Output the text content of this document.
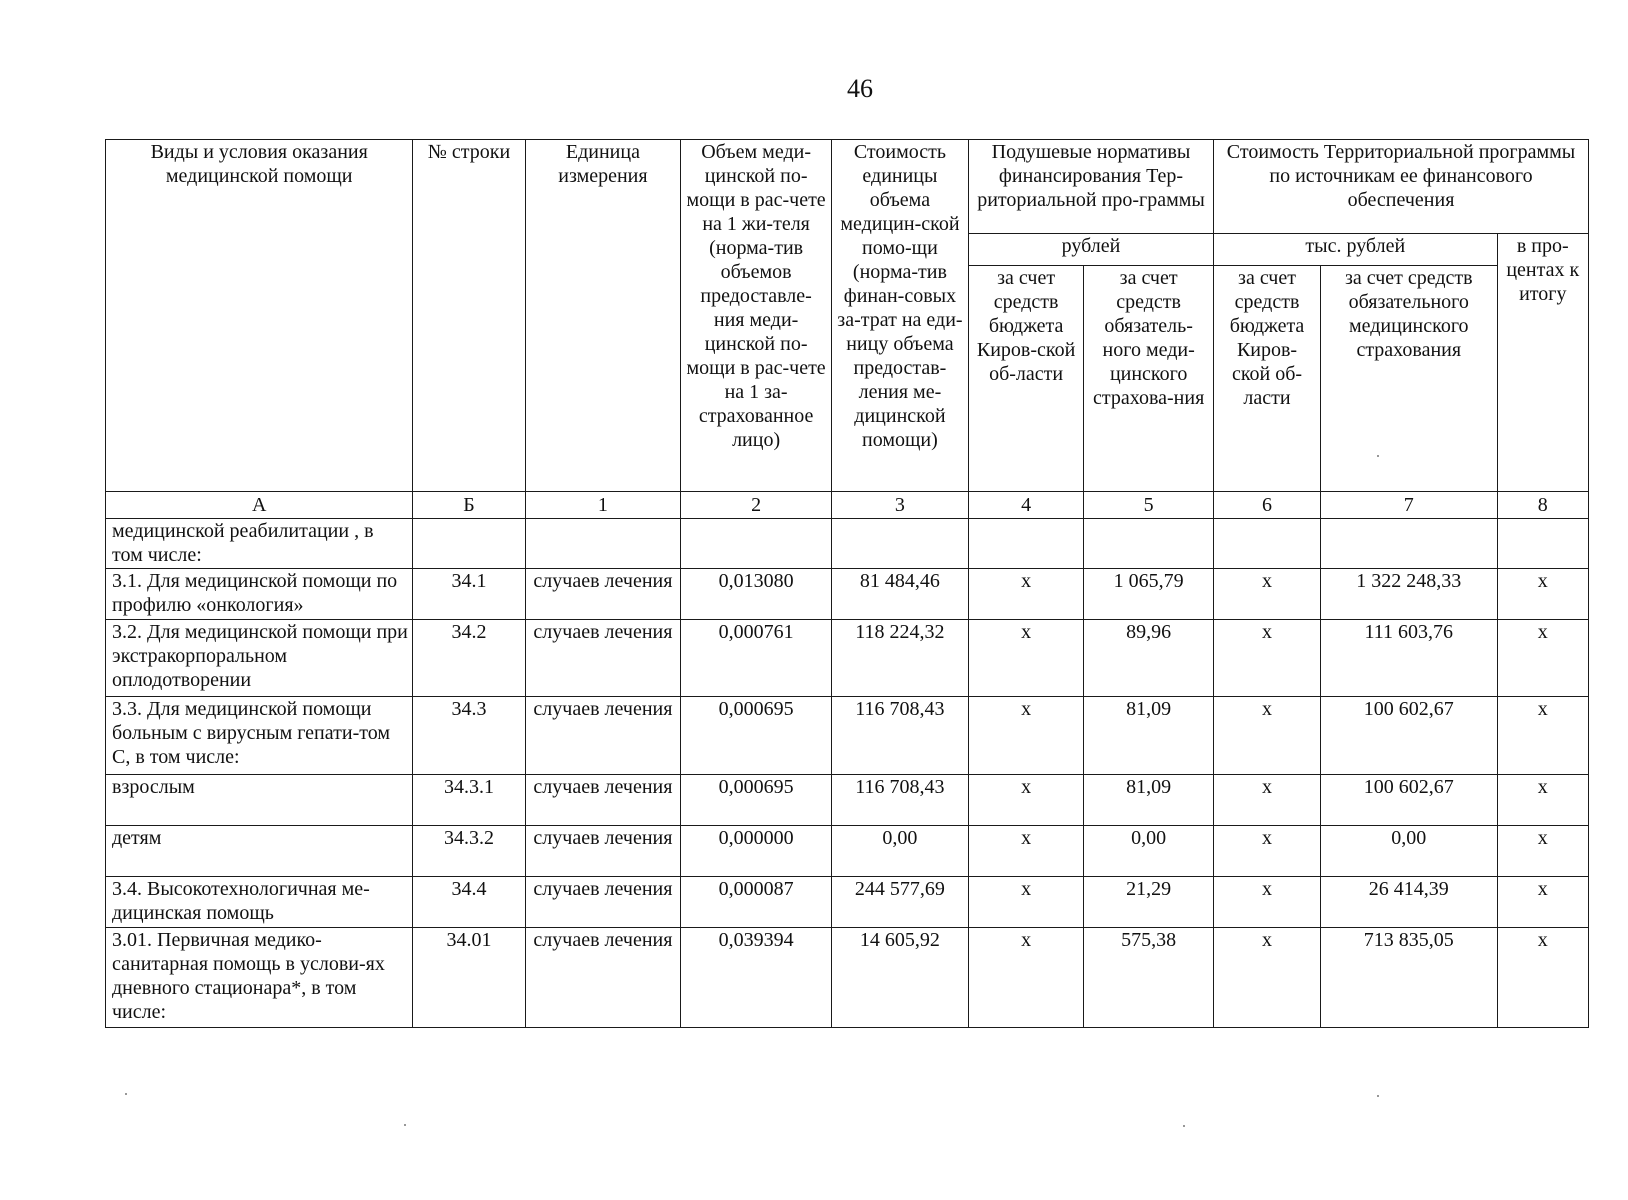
46
Виды и условия оказания медицинской помощи	№ строки	Единица измерения	Объем меди-цинской по-мощи в рас-чете на 1 жи-теля (норма-тив объемов предоставле-ния меди-цинской по-мощи в рас-чете на 1 за-страхованное лицо)	Стоимость единицы объема медицин-ской помо-щи (норма-тив финан-совых за-трат на еди-ницу объема предостав-ления ме-дицинской помощи)	Подушевые нормативы финансирования Тер-риториальной про-граммы		Стоимость Территориальной программы по источникам ее финансового обеспечения		
					рублей		тыс. рублей		в про-центах к итогу
					за счет средств бюджета Киров-ской об-ласти	за счет средств обязатель-ного меди-цинского страхова-ния	за счет средств бюджета Киров-ской об-ласти	за счет средств обязательного медицинского страхования	
А	Б	1	2	3	4	5	6	7	8
медицинской реабилитации , в том числе:									
3.1. Для медицинской помощи по профилю «онкология»	34.1	случаев лечения	0,013080	81 484,46	х	1 065,79	х	1 322 248,33	х
3.2. Для медицинской помощи при экстракорпоральном оплодотворении	34.2	случаев лечения	0,000761	118 224,32	х	89,96	х	111 603,76	х
3.3. Для медицинской помощи больным с вирусным гепати-том С, в том числе:	34.3	случаев лечения	0,000695	116 708,43	х	81,09	х	100 602,67	х
взрослым	34.3.1	случаев лечения	0,000695	116 708,43	х	81,09	х	100 602,67	х
детям	34.3.2	случаев лечения	0,000000	0,00	х	0,00	х	0,00	х
3.4. Высокотехнологичная ме-дицинская помощь	34.4	случаев лечения	0,000087	244 577,69	х	21,29	х	26 414,39	х
3.01. Первичная медико-санитарная помощь в услови-ях дневного стационара*, в том числе:	34.01	случаев лечения	0,039394	14 605,92	х	575,38	х	713 835,05	х
